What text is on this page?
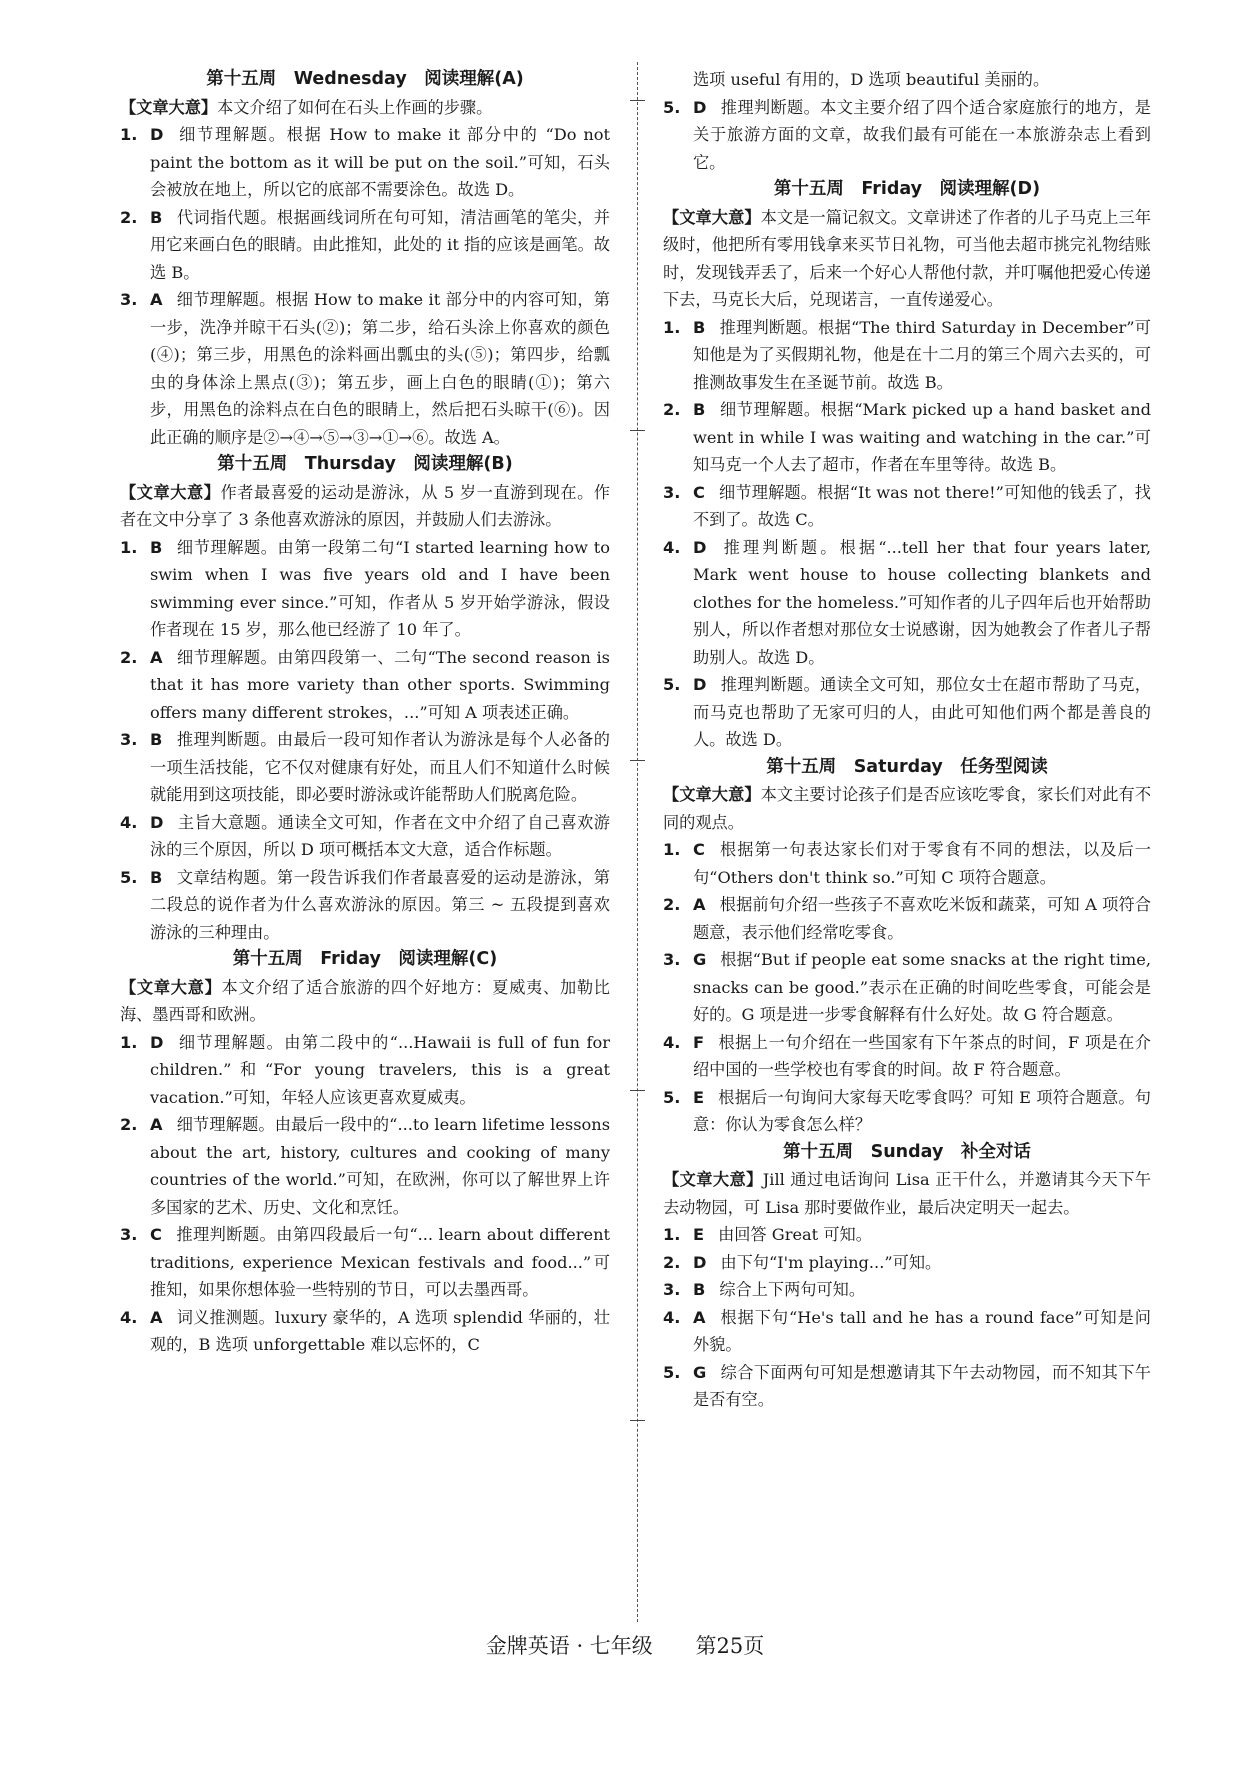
第十五周　Wednesday　阅读理解(A)
【文章大意】本文介绍了如何在石头上作画的步骤。
1. D 细节理解题。根据 How to make it 部分中的 “Do not paint the bottom as it will be put on the soil.”可知，石头会被放在地上，所以它的底部不需要涂色。故选 D。
2. B 代词指代题。根据画线词所在句可知，清洁画笔的笔尖，并用它来画白色的眼睛。由此推知，此处的 it 指的应该是画笔。故选 B。
3. A 细节理解题。根据 How to make it 部分中的内容可知，第一步，洗净并晾干石头(②)；第二步，给石头涂上你喜欢的颜色(④)；第三步，用黑色的涂料画出瓢虫的头(⑤)；第四步，给瓢虫的身体涂上黑点(③)；第五步，画上白色的眼睛(①)；第六步，用黑色的涂料点在白色的眼睛上，然后把石头晾干(⑥)。因此正确的顺序是②→④→⑤→③→①→⑥。故选 A。
第十五周　Thursday　阅读理解(B)
【文章大意】作者最喜爱的运动是游泳，从 5 岁一直游到现在。作者在文中分享了 3 条他喜欢游泳的原因，并鼓励人们去游泳。
1. B 细节理解题。由第一段第二句“I started learning how to swim when I was five years old and I have been swimming ever since.”可知，作者从 5 岁开始学游泳，假设作者现在 15 岁，那么他已经游了 10 年了。
2. A 细节理解题。由第四段第一、二句“The second reason is that it has more variety than other sports. Swimming offers many different strokes，...”可知 A 项表述正确。
3. B 推理判断题。由最后一段可知作者认为游泳是每个人必备的一项生活技能，它不仅对健康有好处，而且人们不知道什么时候就能用到这项技能，即必要时游泳或许能帮助人们脱离危险。
4. D 主旨大意题。通读全文可知，作者在文中介绍了自己喜欢游泳的三个原因，所以 D 项可概括本文大意，适合作标题。
5. B 文章结构题。第一段告诉我们作者最喜爱的运动是游泳，第二段总的说作者为什么喜欢游泳的原因。第三 ~ 五段提到喜欢游泳的三种理由。
第十五周　Friday　阅读理解(C)
【文章大意】本文介绍了适合旅游的四个好地方：夏威夷、加勒比海、墨西哥和欧洲。
1. D 细节理解题。由第二段中的“...Hawaii is full of fun for children.”和“For young travelers, this is a great vacation.”可知，年轻人应该更喜欢夏威夷。
2. A 细节理解题。由最后一段中的“...to learn lifetime lessons about the art, history, cultures and cooking of many countries of the world.”可知，在欧洲，你可以了解世界上许多国家的艺术、历史、文化和烹饪。
3. C 推理判断题。由第四段最后一句“... learn about different traditions, experience Mexican festivals and food...”可推知，如果你想体验一些特别的节日，可以去墨西哥。
4. A 词义推测题。luxury 豪华的，A 选项 splendid 华丽的，壮观的，B 选项 unforgettable 难以忘怀的，C
选项 useful 有用的，D 选项 beautiful 美丽的。
5. D 推理判断题。本文主要介绍了四个适合家庭旅行的地方，是关于旅游方面的文章，故我们最有可能在一本旅游杂志上看到它。
第十五周　Friday　阅读理解(D)
【文章大意】本文是一篇记叙文。文章讲述了作者的儿子马克上三年级时，他把所有零用钱拿来买节日礼物，可当他去超市挑完礼物结账时，发现钱弄丢了，后来一个好心人帮他付款，并叮嘱他把爱心传递下去，马克长大后，兑现诺言，一直传递爱心。
1. B 推理判断题。根据“The third Saturday in December”可知他是为了买假期礼物，他是在十二月的第三个周六去买的，可推测故事发生在圣诞节前。故选 B。
2. B 细节理解题。根据“Mark picked up a hand basket and went in while I was waiting and watching in the car.”可知马克一个人去了超市，作者在车里等待。故选 B。
3. C 细节理解题。根据“It was not there!”可知他的钱丢了，找不到了。故选 C。
4. D 推理判断题。根据“...tell her that four years later, Mark went house to house collecting blankets and clothes for the homeless.”可知作者的儿子四年后也开始帮助别人，所以作者想对那位女士说感谢，因为她教会了作者儿子帮助别人。故选 D。
5. D 推理判断题。通读全文可知，那位女士在超市帮助了马克，而马克也帮助了无家可归的人，由此可知他们两个都是善良的人。故选 D。
第十五周　Saturday　任务型阅读
【文章大意】本文主要讨论孩子们是否应该吃零食，家长们对此有不同的观点。
1. C 根据第一句表达家长们对于零食有不同的想法，以及后一句“Others don't think so.”可知 C 项符合题意。
2. A 根据前句介绍一些孩子不喜欢吃米饭和蔬菜，可知 A 项符合题意，表示他们经常吃零食。
3. G 根据“But if people eat some snacks at the right time, snacks can be good.”表示在正确的时间吃些零食，可能会是好的。G 项是进一步零食解释有什么好处。故 G 符合题意。
4. F 根据上一句介绍在一些国家有下午茶点的时间，F 项是在介绍中国的一些学校也有零食的时间。故 F 符合题意。
5. E 根据后一句询问大家每天吃零食吗？可知 E 项符合题意。句意：你认为零食怎么样？
第十五周　Sunday　补全对话
【文章大意】Jill 通过电话询问 Lisa 正干什么，并邀请其今天下午去动物园，可 Lisa 那时要做作业，最后决定明天一起去。
1. E 由回答 Great 可知。
2. D 由下句“I'm playing...”可知。
3. B 综合上下两句可知。
4. A 根据下句“He's tall and he has a round face”可知是问外貌。
5. G 综合下面两句可知是想邀请其下午去动物园，而不知其下午是否有空。
金牌英语 · 七年级 第25页
